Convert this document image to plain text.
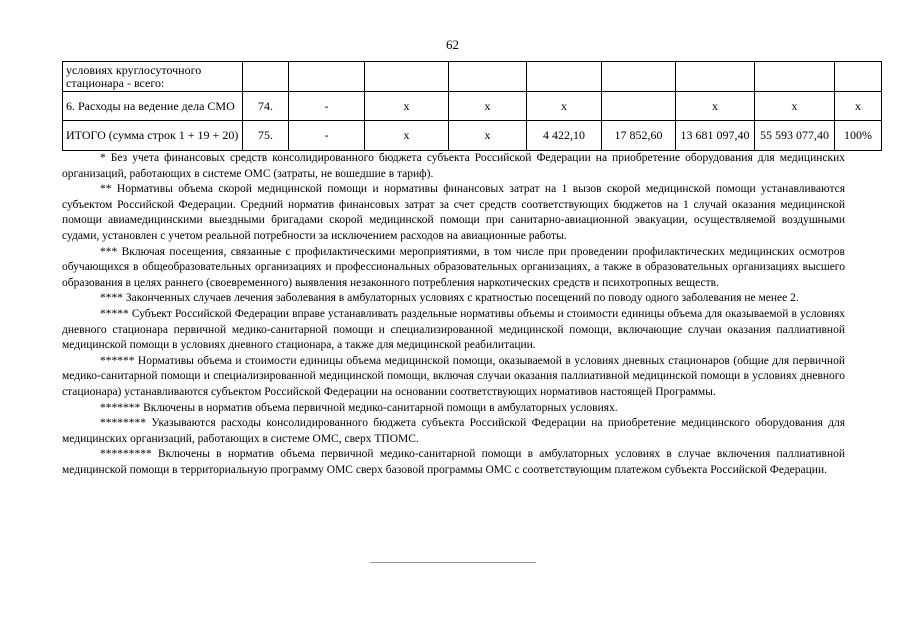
62
условиях круглосуточного стационара - всего:									
6. Расходы на ведение дела СМО	74.	-	х	х	х		х	х	х
ИТОГО (сумма строк 1 + 19 + 20)	75.	-	х	х	4 422,10	17 852,60	13 681 097,40	55 593 077,40	100%

* Без учета финансовых средств консолидированного бюджета субъекта Российской Федерации на приобретение оборудования для медицинских организаций, работающих в системе ОМС (затраты, не вошедшие в тариф).

** Нормативы объема скорой медицинской помощи и нормативы финансовых затрат на 1 вызов скорой медицинской помощи устанавливаются субъектом Российской Федерации. Средний норматив финансовых затрат за счет средств соответствующих бюджетов на 1 случай оказания медицинской помощи авиамедицинскими выездными бригадами скорой медицинской помощи при санитарно-авиационной эвакуации, осуществляемой воздушными судами, установлен с учетом реальной потребности за исключением расходов на авиационные работы.

*** Включая посещения, связанные с профилактическими мероприятиями, в том числе при проведении профилактических медицинских осмотров обучающихся в общеобразовательных организациях и профессиональных образовательных организациях, а также в образовательных организациях высшего образования в целях раннего (своевременного) выявления незаконного потребления наркотических средств и психотропных веществ.

**** Законченных случаев лечения заболевания в амбулаторных условиях с кратностью посещений по поводу одного заболевания не менее 2.

***** Субъект Российской Федерации вправе устанавливать раздельные нормативы объемы и стоимости единицы объема для оказываемой в условиях дневного стационара первичной медико-санитарной помощи и специализированной медицинской помощи, включающие случаи оказания паллиативной медицинской помощи в условиях дневного стационара, а также для медицинской реабилитации.

****** Нормативы объема и стоимости единицы объема медицинской помощи, оказываемой в условиях дневных стационаров (общие для первичной медико-санитарной помощи и специализированной медицинской помощи, включая случаи оказания паллиативной медицинской помощи в условиях дневного стационара) устанавливаются субъектом Российской Федерации на основании соответствующих нормативов настоящей Программы.

******* Включены в норматив объема первичной медико-санитарной помощи в амбулаторных условиях.

******** Указываются расходы консолидированного бюджета субъекта Российской Федерации на приобретение медицинского оборудования для медицинских организаций, работающих в системе ОМС, сверх ТПОМС.

********* Включены в норматив объема первичной медико-санитарной помощи в амбулаторных условиях в случае включения паллиативной медицинской помощи в территориальную программу ОМС сверх базовой программы ОМС с соответствующим платежом субъекта Российской Федерации.
